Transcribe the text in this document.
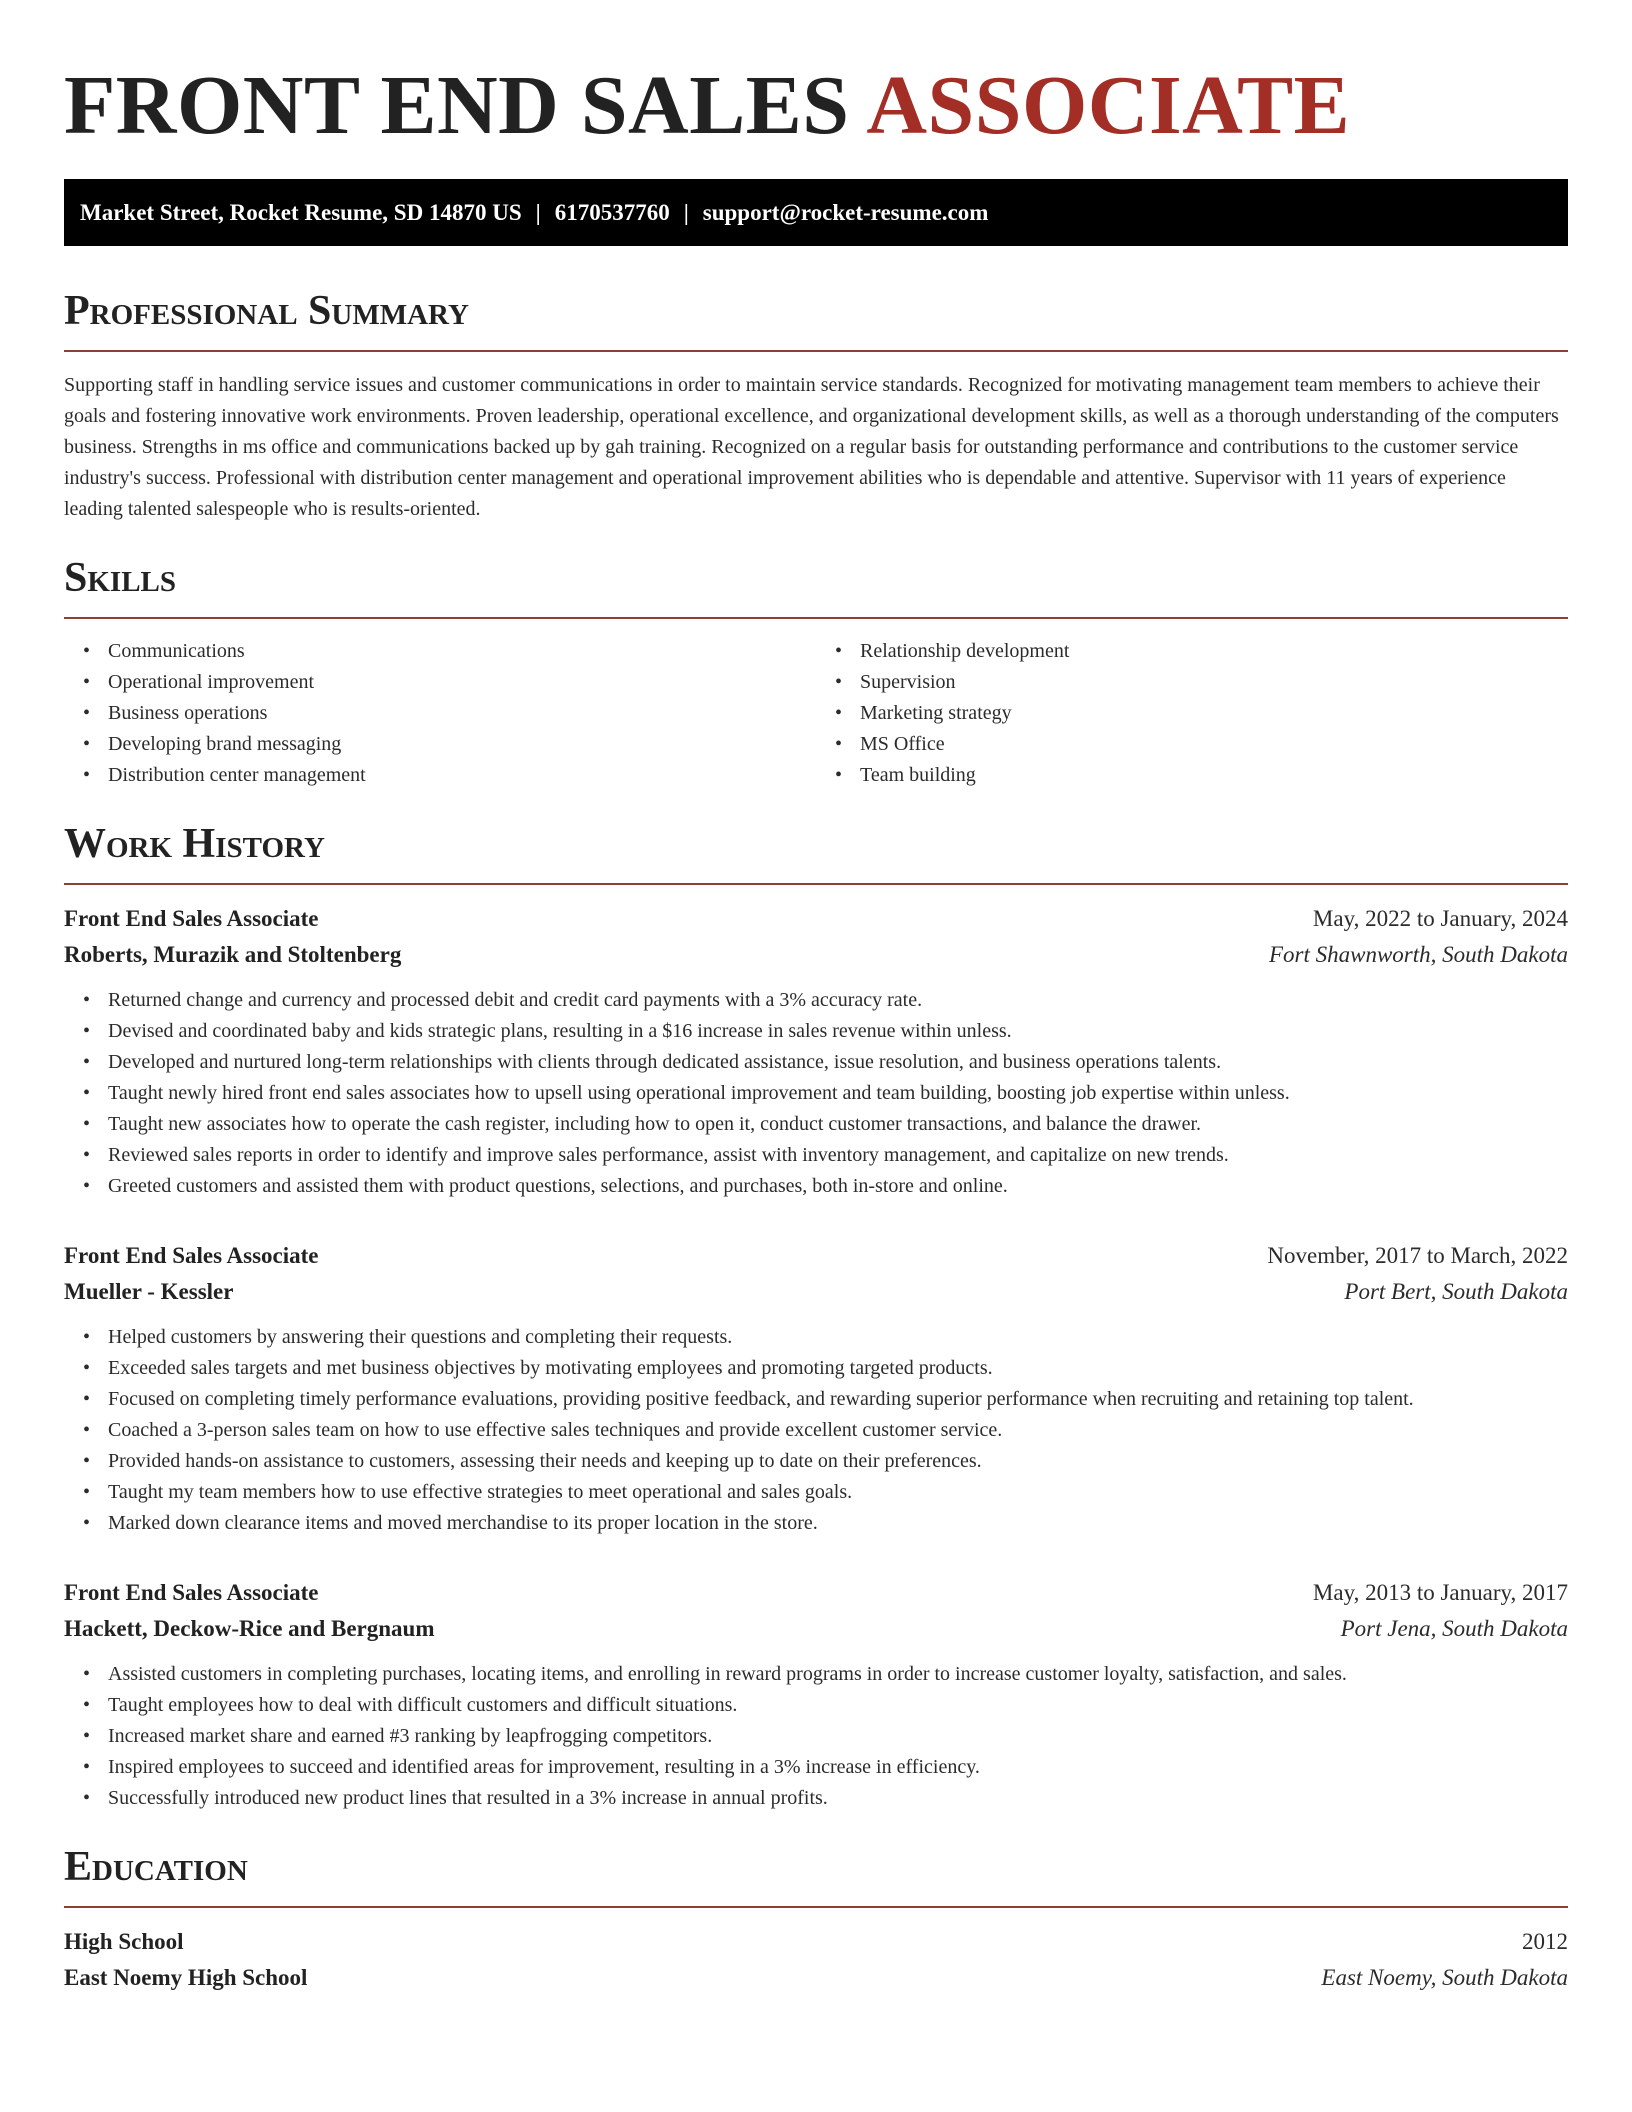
FRONT END SALES ASSOCIATE
Market Street, Rocket Resume, SD 14870 US | 6170537760 | support@rocket-resume.com
Professional Summary

Supporting staff in handling service issues and customer communications in order to maintain service standards. Recognized for motivating management team members to achieve their goals and fostering innovative work environments. Proven leadership, operational excellence, and organizational development skills, as well as a thorough understanding of the computers business. Strengths in ms office and communications backed up by gah training. Recognized on a regular basis for outstanding performance and contributions to the customer service industry's success. Professional with distribution center management and operational improvement abilities who is dependable and attentive. Supervisor with 11 years of experience leading talented salespeople who is results-oriented.

Skills
• Communications
• Operational improvement
• Business operations
• Developing brand messaging
• Distribution center management
• Relationship development
• Supervision
• Marketing strategy
• MS Office
• Team building
Work History
Front End Sales Associate	May, 2022 to January, 2024
Roberts, Murazik and Stoltenberg	Fort Shawnworth, South Dakota
• Returned change and currency and processed debit and credit card payments with a 3% accuracy rate.
• Devised and coordinated baby and kids strategic plans, resulting in a $16 increase in sales revenue within unless.
• Developed and nurtured long-term relationships with clients through dedicated assistance, issue resolution, and business operations talents.
• Taught newly hired front end sales associates how to upsell using operational improvement and team building, boosting job expertise within unless.
• Taught new associates how to operate the cash register, including how to open it, conduct customer transactions, and balance the drawer.
• Reviewed sales reports in order to identify and improve sales performance, assist with inventory management, and capitalize on new trends.
• Greeted customers and assisted them with product questions, selections, and purchases, both in-store and online.
Front End Sales Associate	November, 2017 to March, 2022
Mueller - Kessler	Port Bert, South Dakota
• Helped customers by answering their questions and completing their requests.
• Exceeded sales targets and met business objectives by motivating employees and promoting targeted products.
• Focused on completing timely performance evaluations, providing positive feedback, and rewarding superior performance when recruiting and retaining top talent.
• Coached a 3-person sales team on how to use effective sales techniques and provide excellent customer service.
• Provided hands-on assistance to customers, assessing their needs and keeping up to date on their preferences.
• Taught my team members how to use effective strategies to meet operational and sales goals.
• Marked down clearance items and moved merchandise to its proper location in the store.
Front End Sales Associate	May, 2013 to January, 2017
Hackett, Deckow-Rice and Bergnaum	Port Jena, South Dakota
• Assisted customers in completing purchases, locating items, and enrolling in reward programs in order to increase customer loyalty, satisfaction, and sales.
• Taught employees how to deal with difficult customers and difficult situations.
• Increased market share and earned #3 ranking by leapfrogging competitors.
• Inspired employees to succeed and identified areas for improvement, resulting in a 3% increase in efficiency.
• Successfully introduced new product lines that resulted in a 3% increase in annual profits.
Education
High School	2012
East Noemy High School	East Noemy, South Dakota
